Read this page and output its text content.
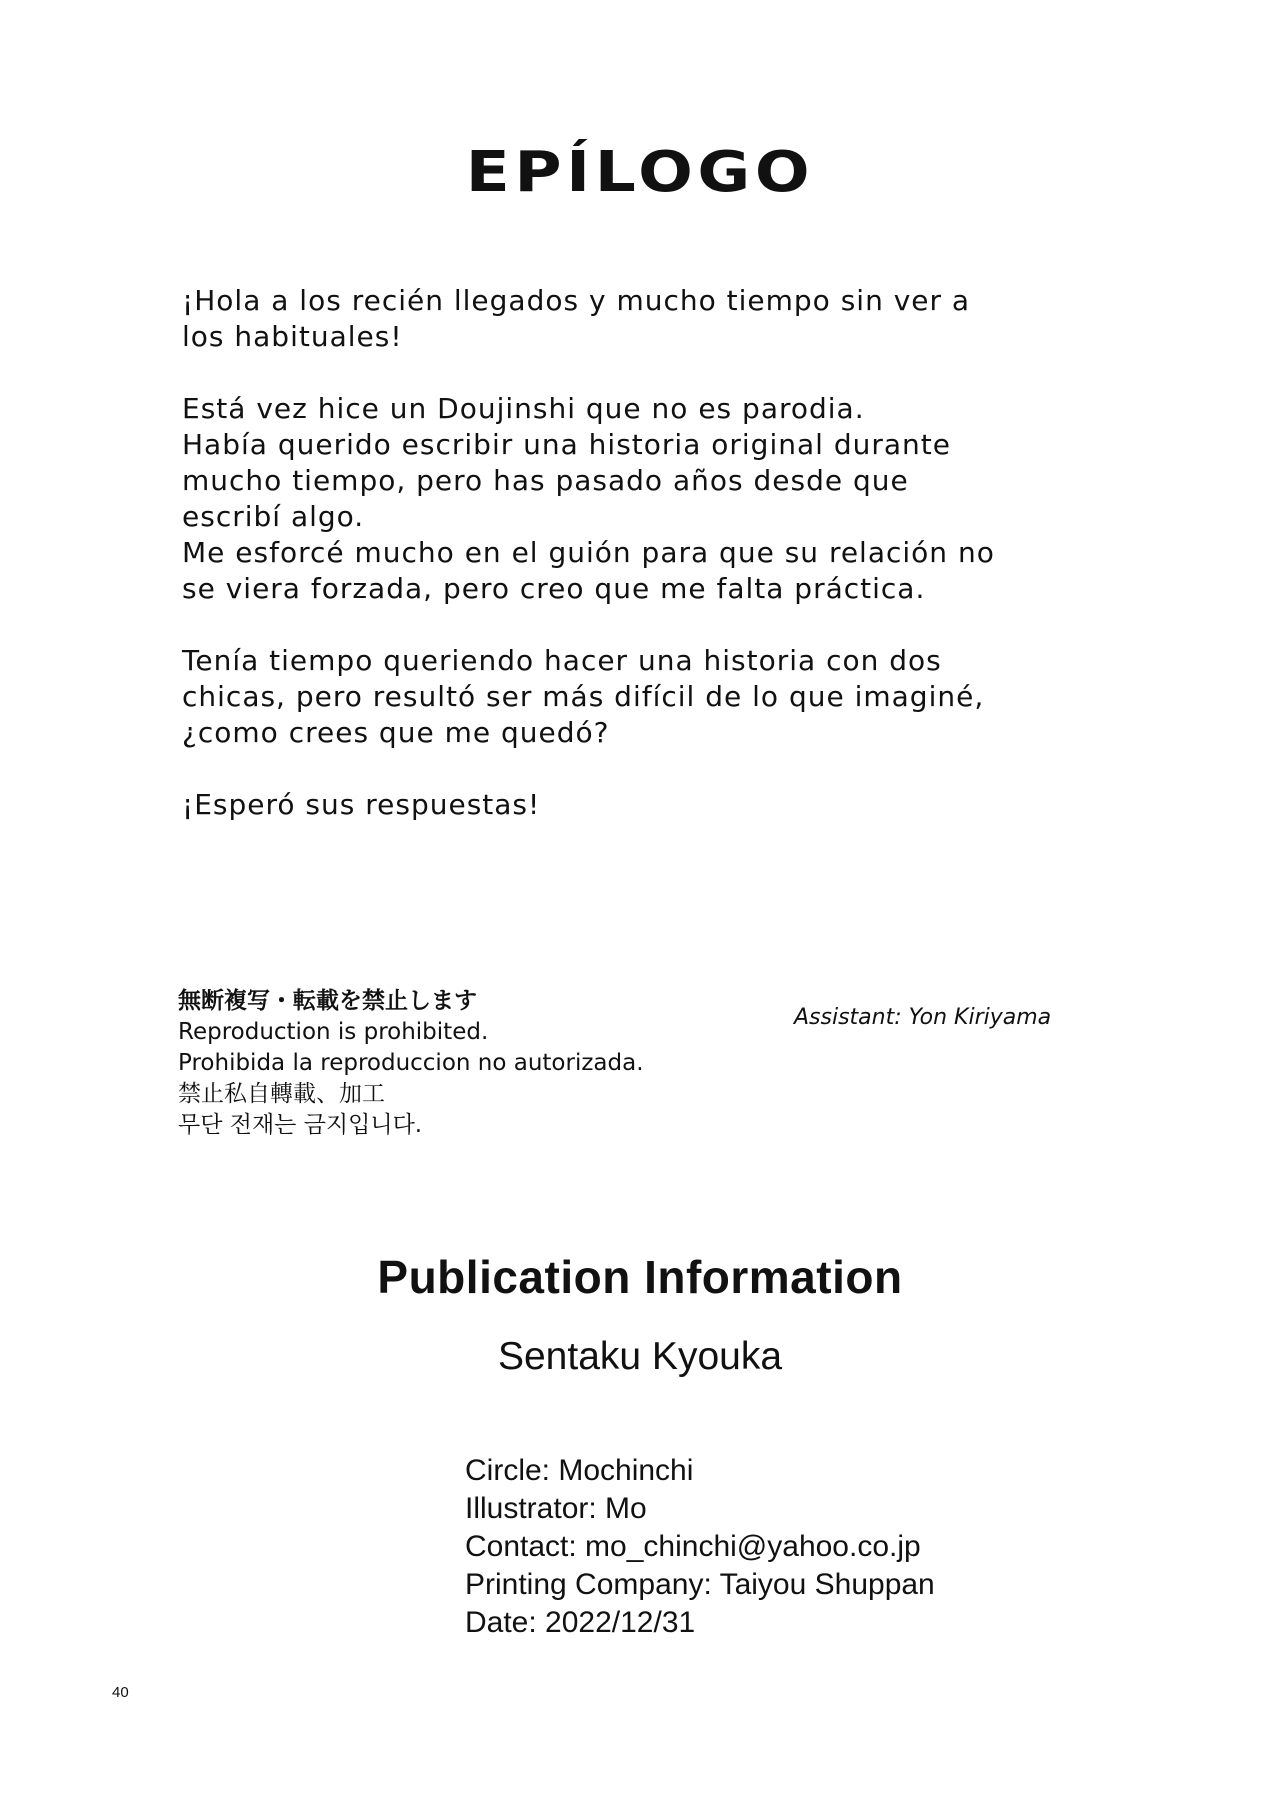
EPÍLOGO

¡Hola a los recién llegados y mucho tiempo sin ver a
los habituales!

Está vez hice un Doujinshi que no es parodia.
Había querido escribir una historia original durante
mucho tiempo, pero has pasado años desde que
escribí algo.
Me esforcé mucho en el guión para que su relación no
se viera forzada, pero creo que me falta práctica.

Tenía tiempo queriendo hacer una historia con dos
chicas, pero resultó ser más difícil de lo que imaginé,
¿como crees que me quedó?

¡Esperó sus respuestas!

無断複写・転載を禁止します
Reproduction is prohibited.
Prohibida la reproduccion no autorizada.
禁止私自轉載、加工
무단 전재는 금지입니다.
Assistant: Yon Kiriyama
Publication Information
Sentaku Kyouka
Circle: Mochinchi
Illustrator: Mo
Contact: mo_chinchi@yahoo.co.jp
Printing Company: Taiyou Shuppan
Date: 2022/12/31
40
